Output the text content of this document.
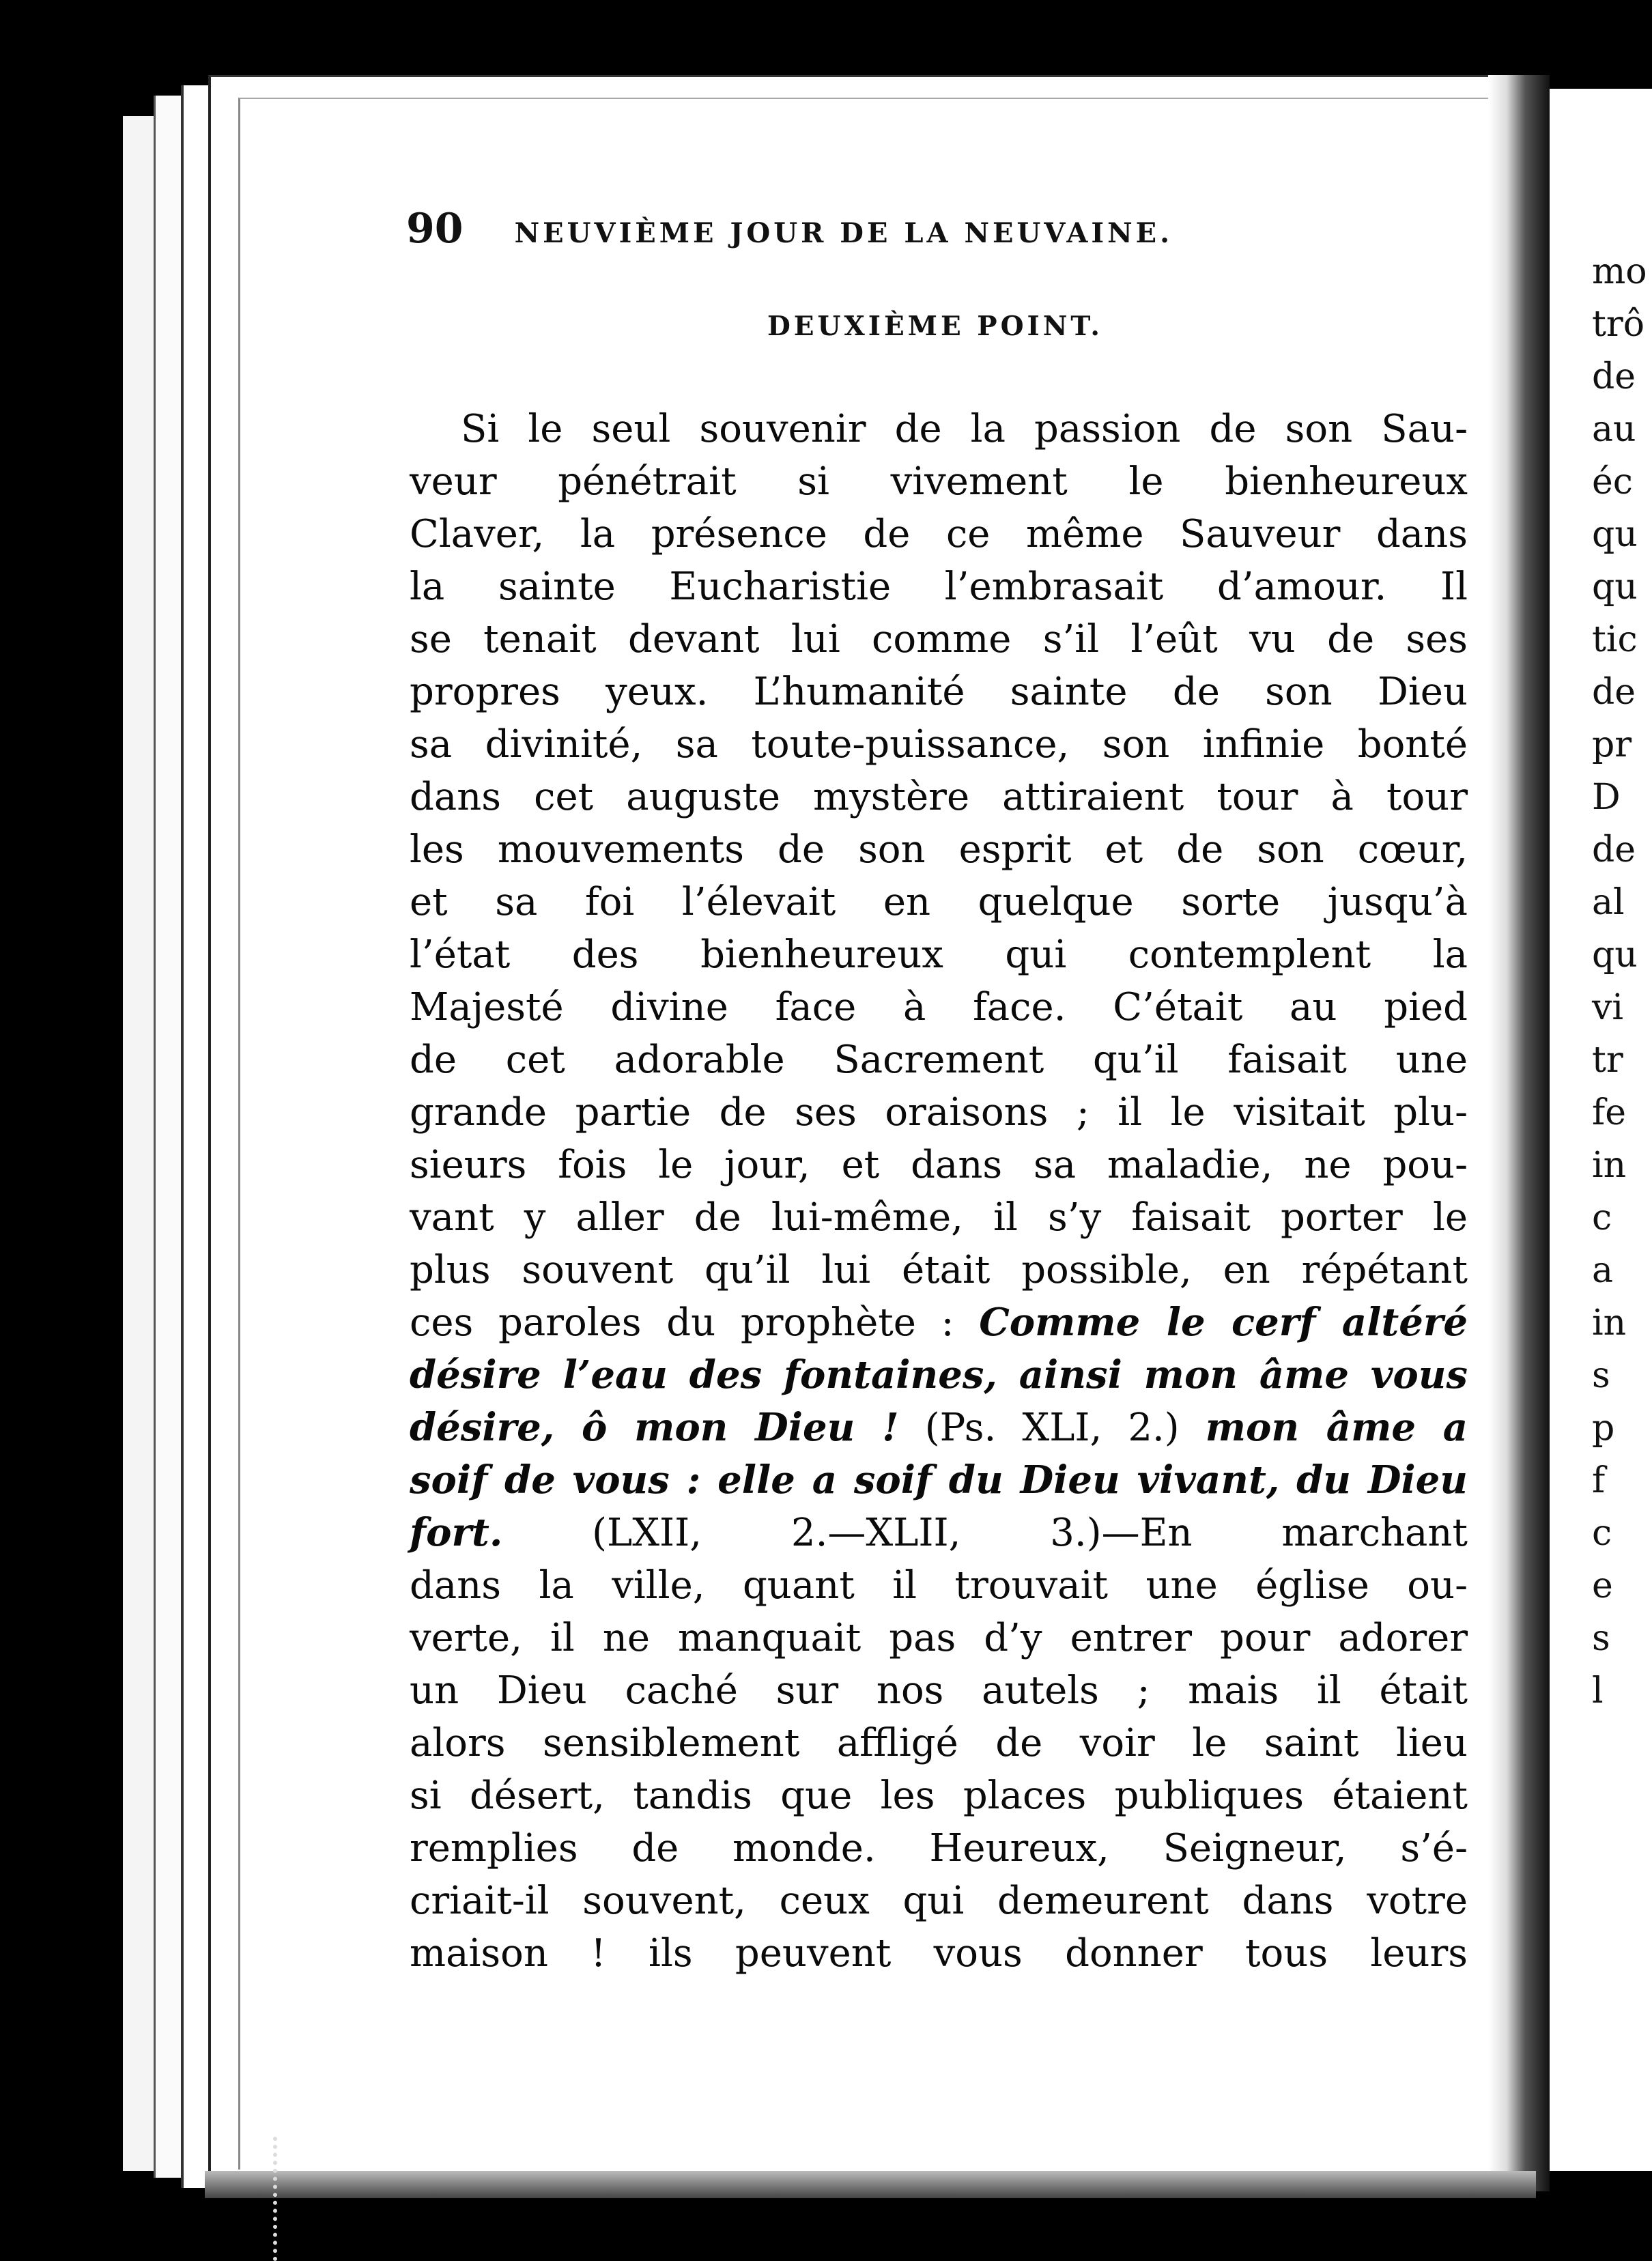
90 NEUVIÈME JOUR DE LA NEUVAINE.
DEUXIÈME POINT.
Si le seul souvenir de la passion de son Sau-
veur pénétrait si vivement le bienheureux
Claver, la présence de ce même Sauveur dans
la sainte Eucharistie l’embrasait d’amour. Il
se tenait devant lui comme s’il l’eût vu de ses
propres yeux. L’humanité sainte de son Dieu
sa divinité, sa toute-puissance, son infinie bonté
dans cet auguste mystère attiraient tour à tour
les mouvements de son esprit et de son cœur,
et sa foi l’élevait en quelque sorte jusqu’à
l’état des bienheureux qui contemplent la
Majesté divine face à face. C’était au pied
de cet adorable Sacrement qu’il faisait une
grande partie de ses oraisons ; il le visitait plu-
sieurs fois le jour, et dans sa maladie, ne pou-
vant y aller de lui-même, il s’y faisait porter le
plus souvent qu’il lui était possible, en répétant
ces paroles du prophète : Comme le cerf altéré
désire l’eau des fontaines, ainsi mon âme vous
désire, ô mon Dieu ! (Ps. XLI, 2.) mon âme a
soif de vous : elle a soif du Dieu vivant, du Dieu
fort. (LXII, 2.—XLII, 3.)—En marchant
dans la ville, quant il trouvait une église ou-
verte, il ne manquait pas d’y entrer pour adorer
un Dieu caché sur nos autels ; mais il était
alors sensiblement affligé de voir le saint lieu
si désert, tandis que les places publiques étaient
remplies de monde. Heureux, Seigneur, s’é-
criait-il souvent, ceux qui demeurent dans votre
maison ! ils peuvent vous donner tous leurs
mo
trô
de
au
éc
qu
qu
tic
de
pr
D
de
al
qu
vi
tr
fe
in
c
a
in
s
p
f
c
e
s
l
